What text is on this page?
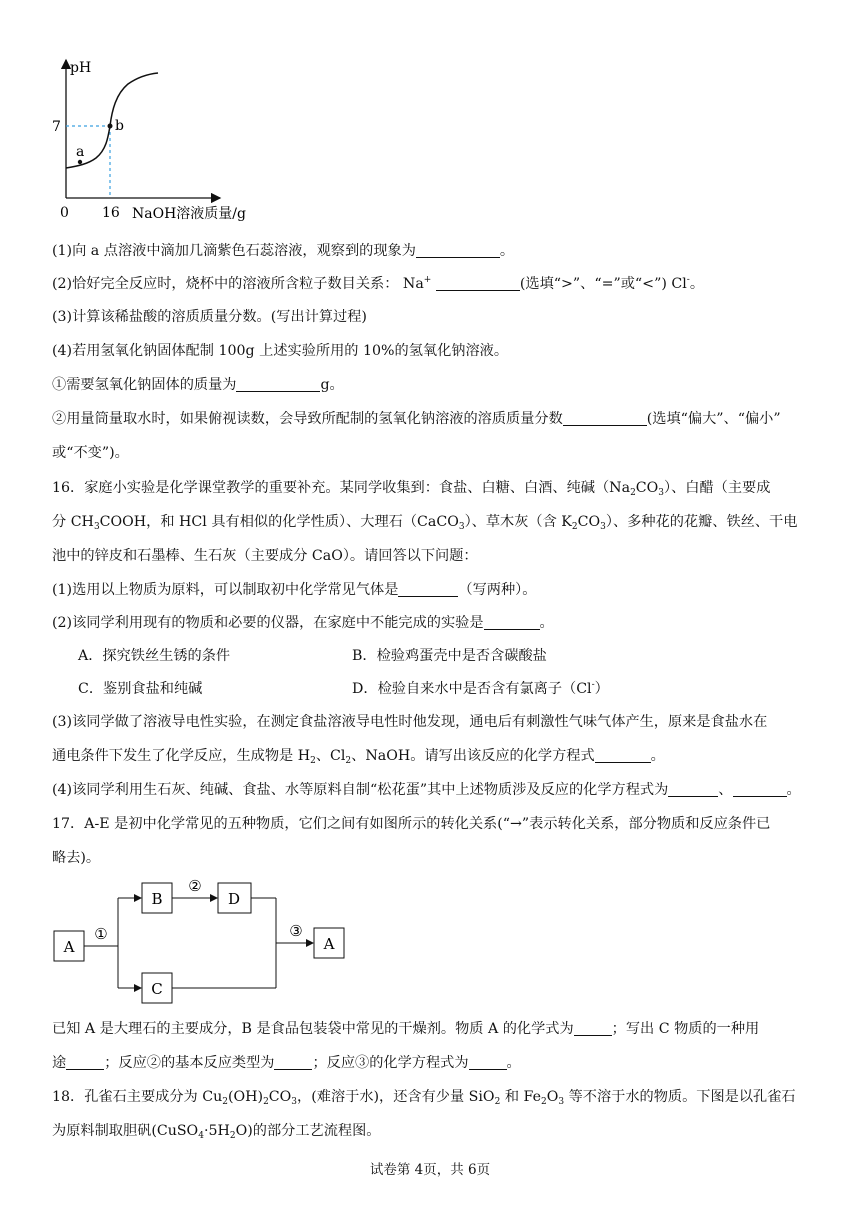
pH
7
a
b
0 16 NaOH溶液质量/g
(1)向 a 点溶液中滴加几滴紫色石蕊溶液，观察到的现象为	。
(2)恰好完全反应时，烧杯中的溶液所含粒子数目关系： Na+	(选填“>”、“=”或“<”) Cl-。
(3)计算该稀盐酸的溶质质量分数。(写出计算过程)
(4)若用氢氧化钠固体配制 100g 上述实验所用的 10%的氢氧化钠溶液。
①需要氢氧化钠固体的质量为	g。
②用量筒量取水时，如果俯视读数，会导致所配制的氢氧化钠溶液的溶质质量分数	(选填“偏大”、“偏小”
或“不变”)。
16．家庭小实验是化学课堂教学的重要补充。某同学收集到：食盐、白糖、白酒、纯碱$(Na_2CO_3)$、白醋（主要成
分 $CH_3COOH$，和 HCl 具有相似的化学性质）、大理石（CaCO$_3$）、草木灰（含 $K_2CO_3$）、多种花的花瓣、铁丝、干电
池中的锌皮和石墨棒、生石灰（主要成分 CaO）。请回答以下问题：
(1)选用以上物质为原料，可以制取初中化学常见气体是	（写两种）。
(2)该同学利用现有的物质和必要的仪器，在家庭中不能完成的实验是	。
A．探究铁丝生锈的条件	B．检验鸡蛋壳中是否含碳酸盐
C．鉴别食盐和纯碱	D．检验自来水中是否含有氯离子（Cl-）
(3)该同学做了溶液导电性实验，在测定食盐溶液导电性时他发现，通电后有刺激性气味气体产生，原来是食盐水在
通电条件下发生了化学反应，生成物是 $H_2$、$Cl_2$、NaOH。请写出该反应的化学方程式	。
(4)该同学利用生石灰、纯碱、食盐、水等原料自制“松花蛋”其中上述物质涉及反应的化学方程式为	、	。
17．A-E 是初中化学常见的五种物质，它们之间有如图所示的转化关系(“→”表示转化关系，部分物质和反应条件已
略去)。
A
B
C
D
A
①
②
③
已知 A 是大理石的主要成分，B 是食品包装袋中常见的干燥剂。物质 A 的化学式为	；写出 C 物质的一种用
途	；反应②的基本反应类型为	；反应③的化学方程式为	。
18．孔雀石主要成分为 $Cu_2(OH)_2CO_3$，(难溶于水)，还含有少量 SiO$_2$ 和 $Fe_2O_3$ 等不溶于水的物质。下图是以孔雀石
为原料制取胆矾$(CuSO_4\cdot 5H_2O)$的部分工艺流程图。
试卷第 4页，共 6页
